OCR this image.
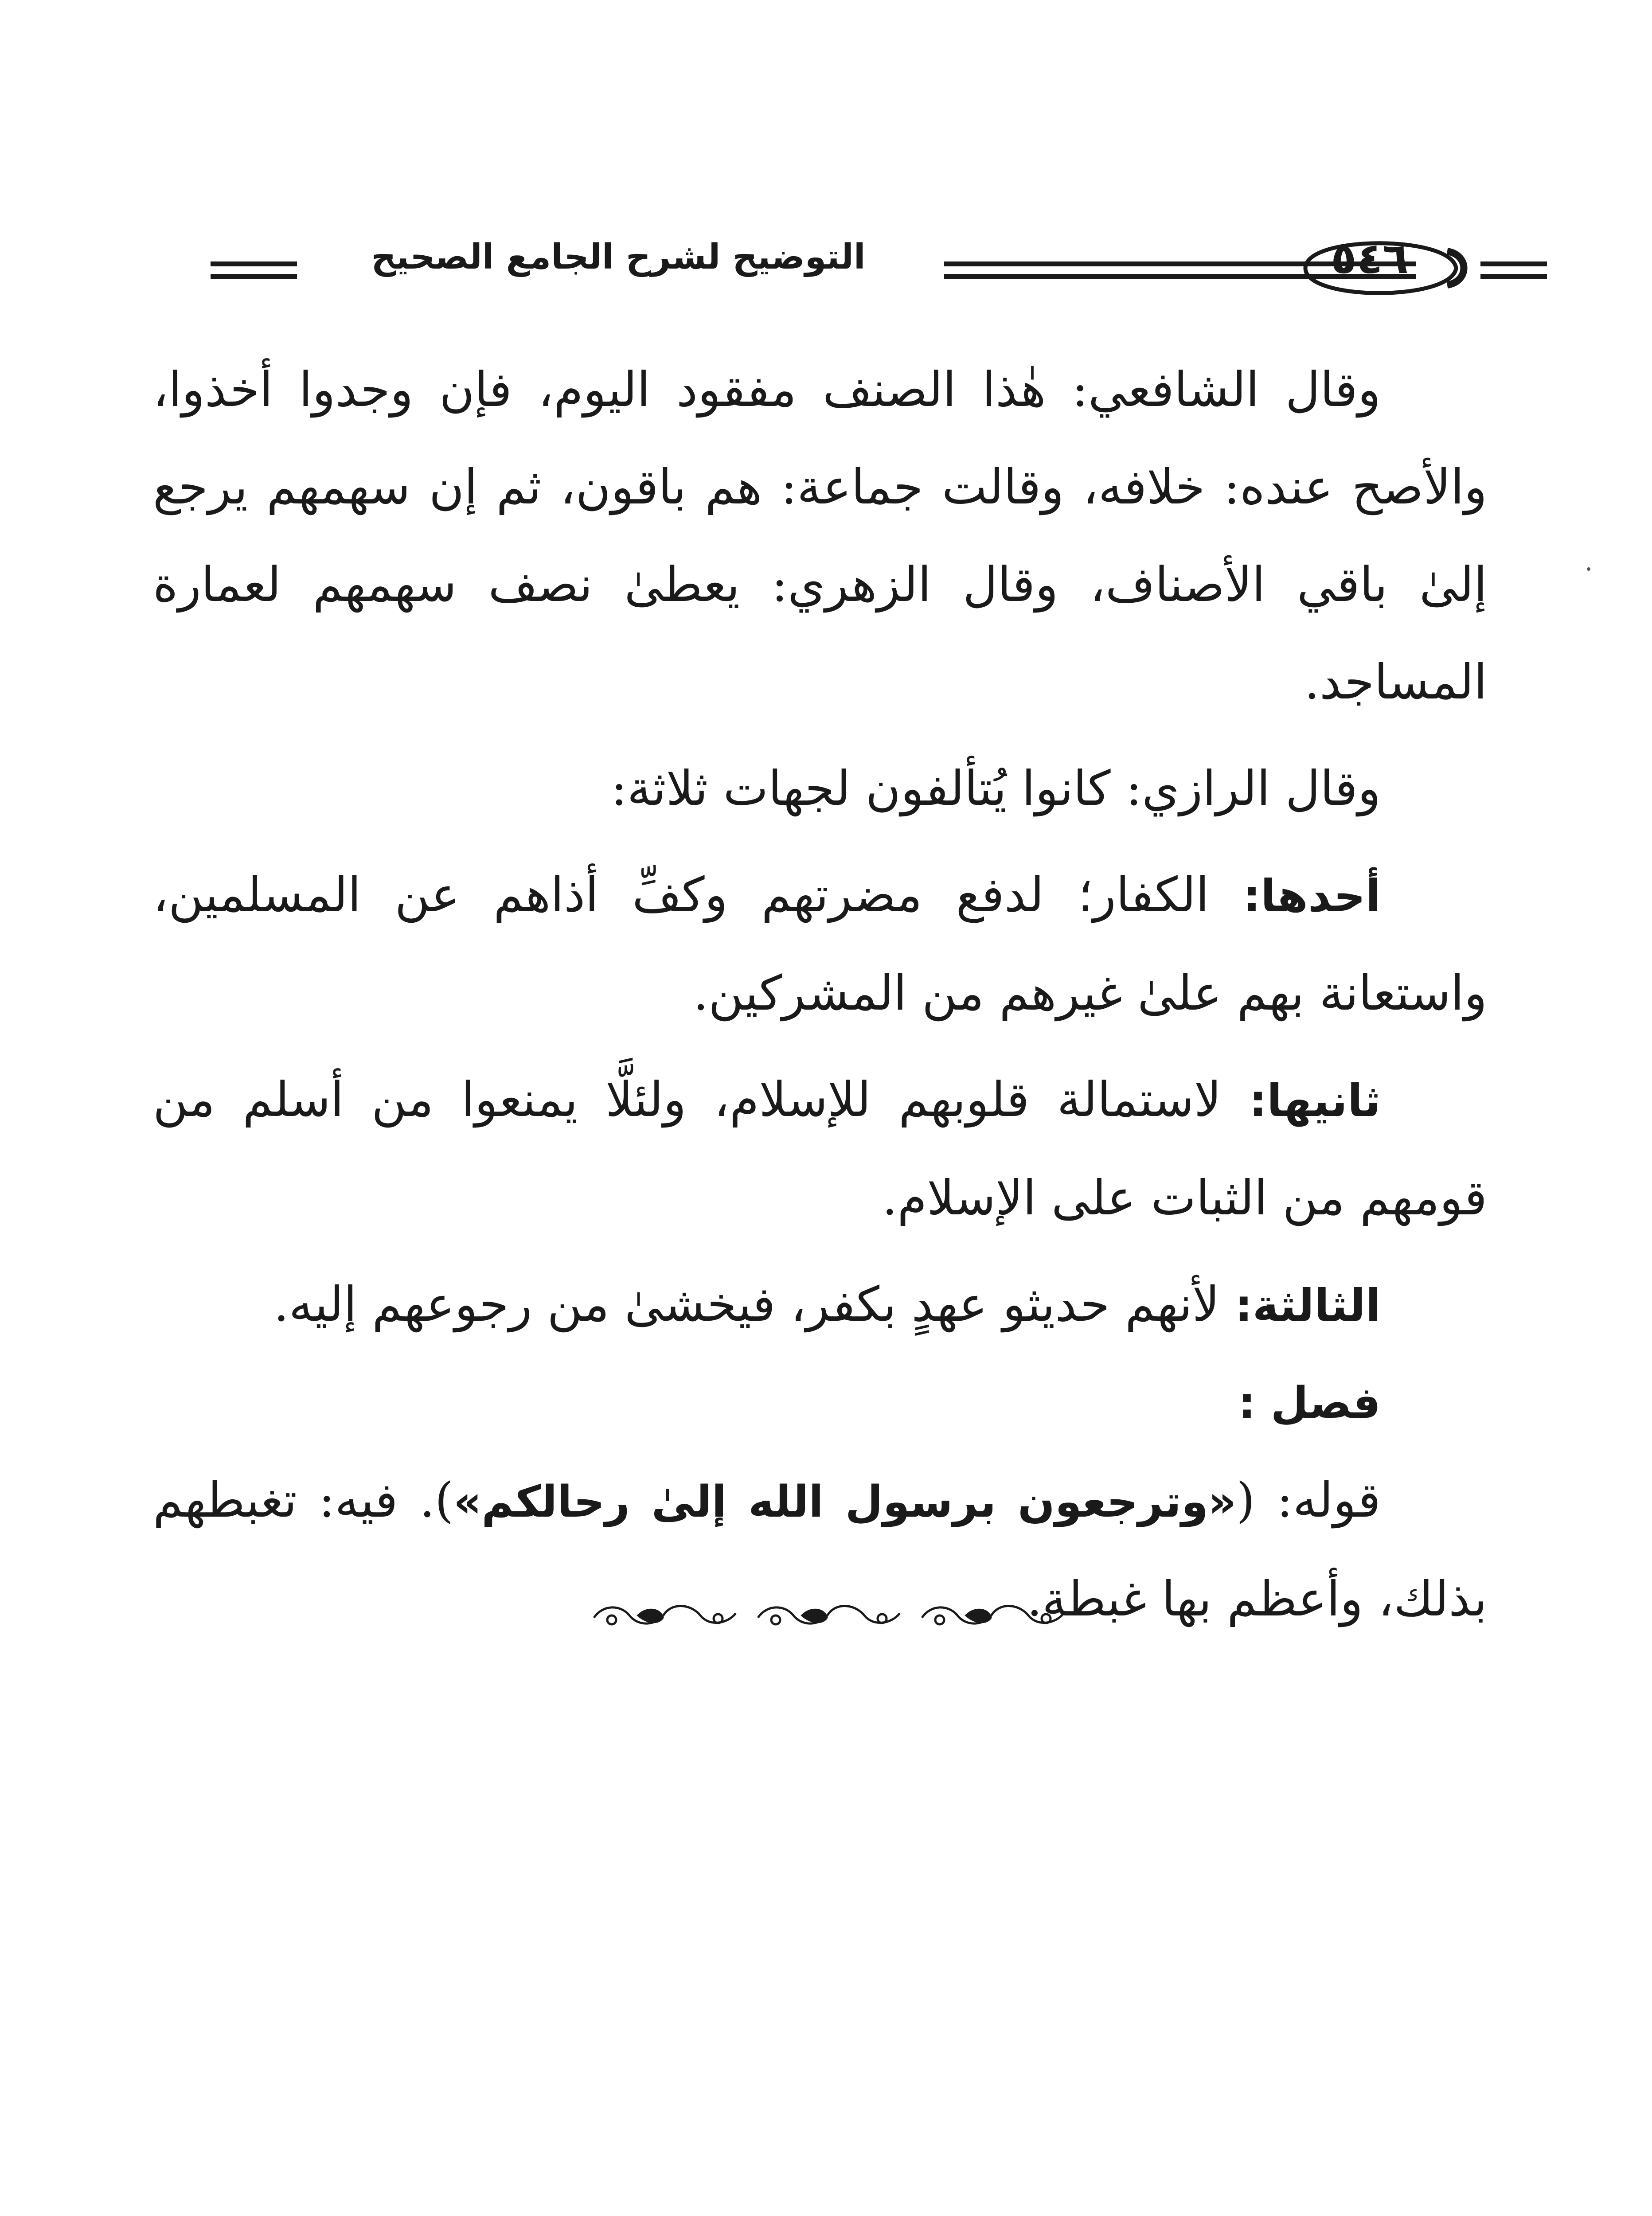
التوضيح لشرح الجامع الصحيح	٥٤٦

وقال الشافعي: هٰذا الصنف مفقود اليوم، فإن وجدوا أخذوا، والأصح عنده: خلافه، وقالت جماعة: هم باقون، ثم إن سهمهم يرجع إلىٰ باقي الأصناف، وقال الزهري: يعطىٰ نصف سهمهم لعمارة المساجد.

وقال الرازي: كانوا يُتألفون لجهات ثلاثة:

أحدها: الكفار؛ لدفع مضرتهم وكفِّ أذاهم عن المسلمين، واستعانة بهم علىٰ غيرهم من المشركين.

ثانيها: لاستمالة قلوبهم للإسلام، ولئلَّا يمنعوا من أسلم من قومهم من الثبات على الإسلام.

الثالثة: لأنهم حديثو عهدٍ بكفر، فيخشىٰ من رجوعهم إليه.

فصل :

قوله: («وترجعون برسول الله إلىٰ رحالكم»). فيه: تغبطهم بذلك، وأعظم بها غبطة.
